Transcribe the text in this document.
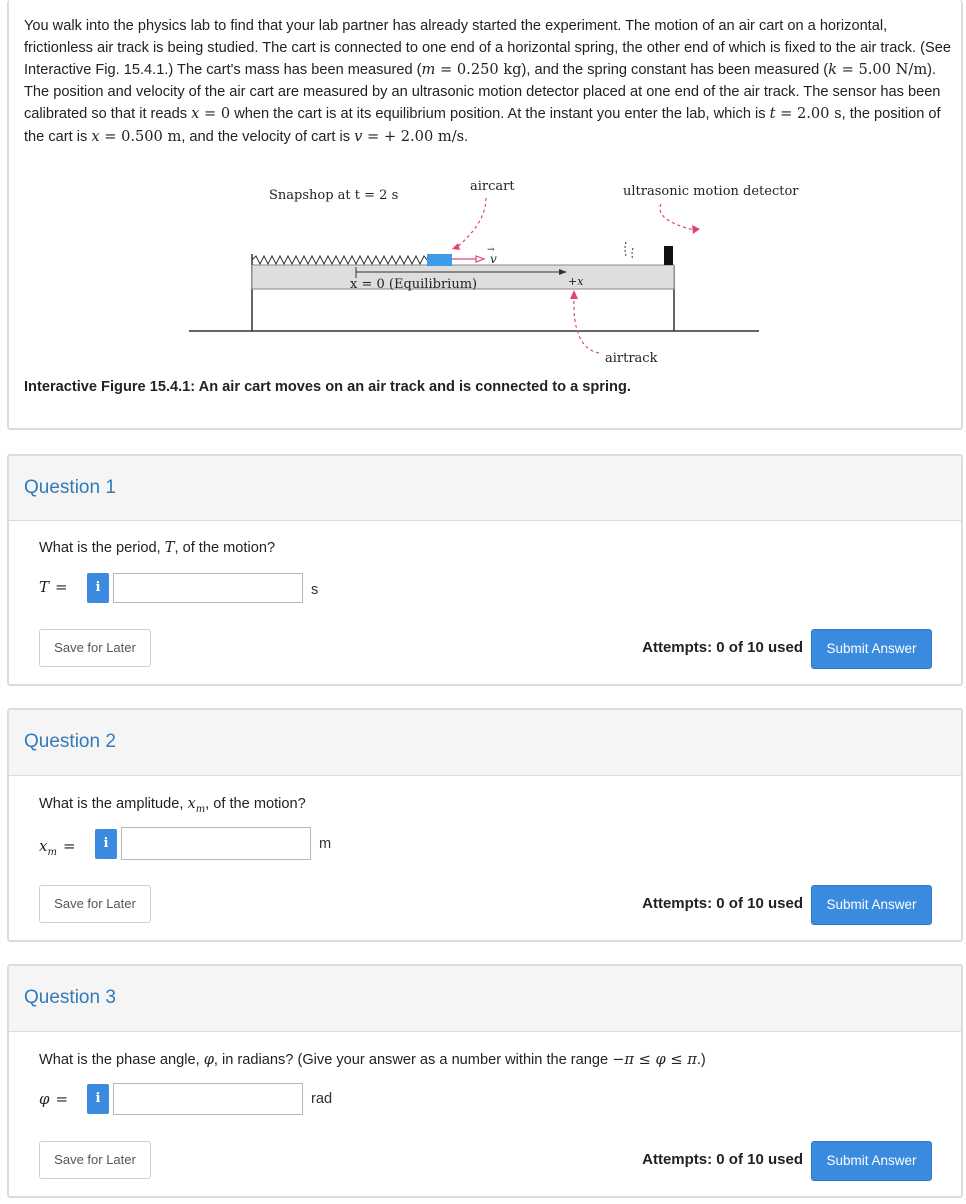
You walk into the physics lab to find that your lab partner has already started the experiment. The motion of an air cart on a horizontal, frictionless air track is being studied. The cart is connected to one end of a horizontal spring, the other end of which is fixed to the air track. (See Interactive Fig. 15.4.1.) The cart's mass has been measured (m = 0.250 kg), and the spring constant has been measured (k = 5.00 N/m). The position and velocity of the air cart are measured by an ultrasonic motion detector placed at one end of the air track. The sensor has been calibrated so that it reads x = 0 when the cart is at its equilibrium position. At the instant you enter the lab, which is t = 2.00 s, the position of the cart is x = 0.500 m, and the velocity of cart is v = + 2.00 m/s.
v
→
x = 0 (Equilibrium)	+x
Snapshop at t = 2 s
aircart	ultrasonic motion detector
airtrack
Interactive Figure 15.4.1: An air cart moves on an air track and is connected to a spring.
Question 1
What is the period, T, of the motion?
T =	i	s
Save for Later	Attempts: 0 of 10 used	Submit Answer
Question 2
What is the amplitude, $x_m$, of the motion?
$x_m$ =	i	m
Save for Later	Attempts: 0 of 10 used	Submit Answer
Question 3
What is the phase angle, φ, in radians? (Give your answer as a number within the range −π ≤ φ ≤ π.)
φ =	i	rad
Save for Later	Attempts: 0 of 10 used	Submit Answer
